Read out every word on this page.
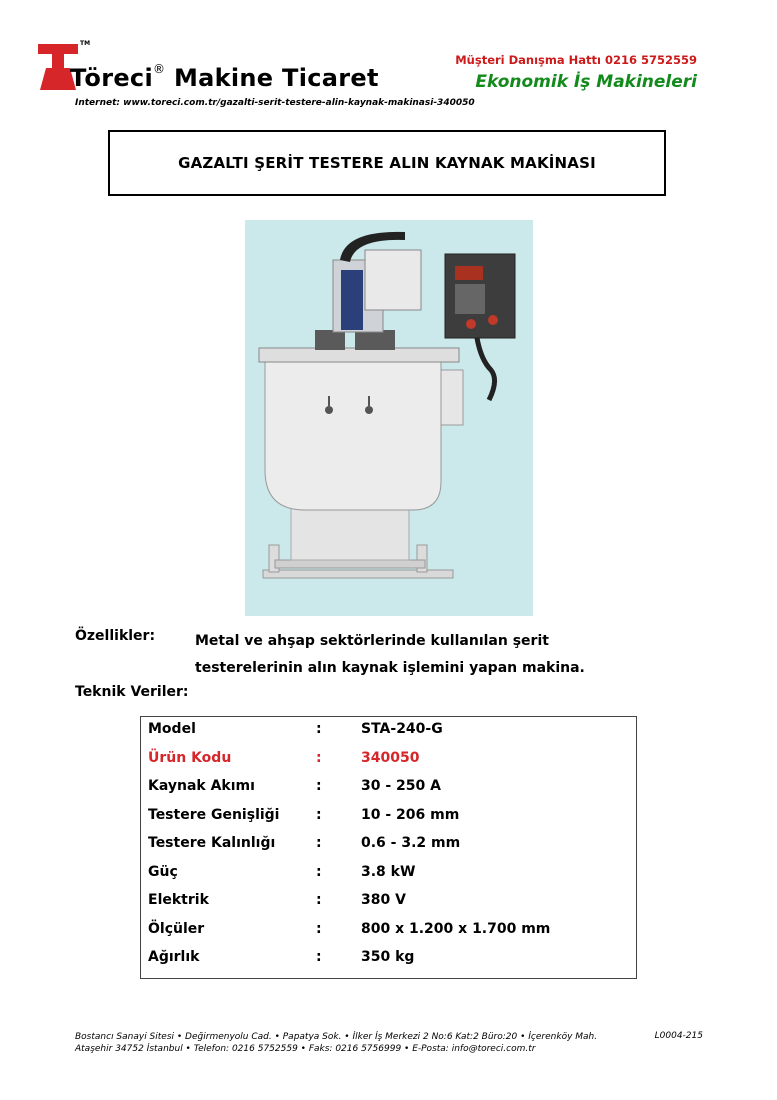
TM
Töreci® Makine Ticaret
Internet: www.toreci.com.tr/gazalti-serit-testere-alin-kaynak-makinasi-340050
Müşteri Danışma Hattı 0216 5752559
Ekonomik İş Makineleri
GAZALTI ŞERİT TESTERE ALIN KAYNAK MAKİNASI
Özellikler:	Metal ve ahşap sektörlerinde kullanılan şerit
testerelerinin alın kaynak işlemini yapan makina.
Teknik Veriler:
Model	:	STA-240-G
Ürün Kodu	:	340050
Kaynak Akımı	:	30 - 250 A
Testere Genişliği	:	10 - 206 mm
Testere Kalınlığı	:	0.6 - 3.2 mm
Güç	:	3.8 kW
Elektrik	:	380 V
Ölçüler	:	800 x 1.200 x 1.700 mm
Ağırlık	:	350 kg
Bostancı Sanayi Sitesi • Değirmenyolu Cad. • Papatya Sok. • İlker İş Merkezi 2 No:6 Kat:2 Büro:20 • İçerenköy Mah.
Ataşehir 34752 İstanbul • Telefon: 0216 5752559 • Faks: 0216 5756999 • E-Posta: info@toreci.com.tr
L0004-215
